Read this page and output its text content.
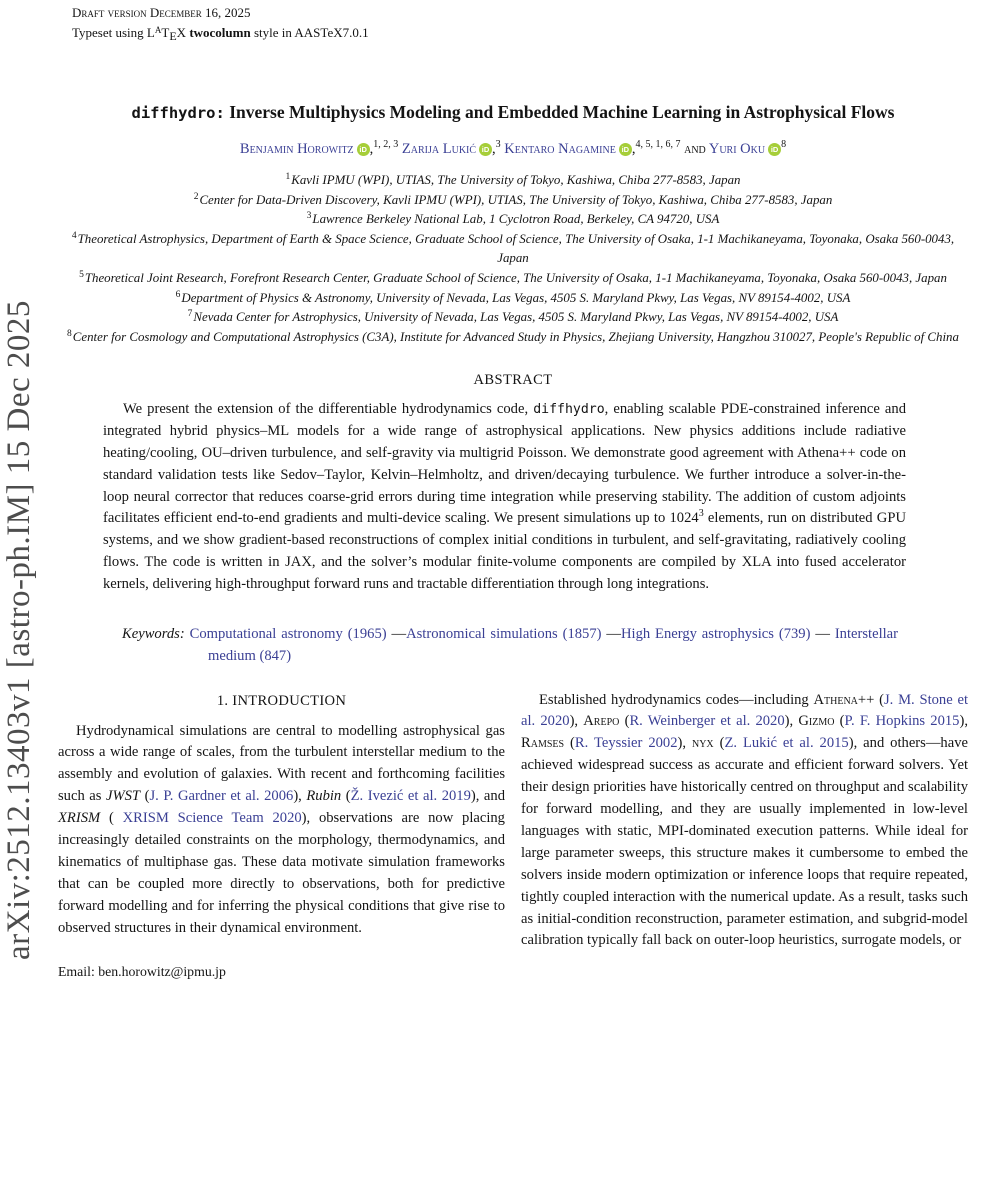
arXiv:2512.13403v1 [astro-ph.IM] 15 Dec 2025
Draft version December 16, 2025
Typeset using $L^ATEX$ twocolumn style in AASTeX7.0.1
diffhydro: Inverse Multiphysics Modeling and Embedded Machine Learning in Astrophysical Flows
Benjamin Horowitz iD ,$^{1, 2, 3}$ Zarija Lukić iD ,$^3$ Kentaro Nagamine iD ,$^{4, 5, 1, 6, 7}$ and Yuri Oku iD $^8$
$^1$Kavli IPMU (WPI), UTIAS, The University of Tokyo, Kashiwa, Chiba 277-8583, Japan
$^2$Center for Data-Driven Discovery, Kavli IPMU (WPI), UTIAS, The University of Tokyo, Kashiwa, Chiba 277-8583, Japan
$^3$Lawrence Berkeley National Lab, 1 Cyclotron Road, Berkeley, CA 94720, USA
$^4$Theoretical Astrophysics, Department of Earth & Space Science, Graduate School of Science, The University of Osaka, 1-1 Machikaneyama, Toyonaka, Osaka 560-0043, Japan
$^5$Theoretical Joint Research, Forefront Research Center, Graduate School of Science, The University of Osaka, 1-1 Machikaneyama, Toyonaka, Osaka 560-0043, Japan
$^6$Department of Physics & Astronomy, University of Nevada, Las Vegas, 4505 S. Maryland Pkwy, Las Vegas, NV 89154-4002, USA
$^7$Nevada Center for Astrophysics, University of Nevada, Las Vegas, 4505 S. Maryland Pkwy, Las Vegas, NV 89154-4002, USA
$^8$Center for Cosmology and Computational Astrophysics (C3A), Institute for Advanced Study in Physics, Zhejiang University, Hangzhou 310027, People's Republic of China
ABSTRACT
We present the extension of the differentiable hydrodynamics code, diffhydro, enabling scalable PDE-constrained inference and integrated hybrid physics–ML models for a wide range of astrophysical applications. New physics additions include radiative heating/cooling, OU–driven turbulence, and self-gravity via multigrid Poisson. We demonstrate good agreement with Athena++ code on standard validation tests like Sedov–Taylor, Kelvin–Helmholtz, and driven/decaying turbulence. We further introduce a solver-in-the-loop neural corrector that reduces coarse-grid errors during time integration while preserving stability. The addition of custom adjoints facilitates efficient end-to-end gradients and multi-device scaling. We present simulations up to 1024$^3$ elements, run on distributed GPU systems, and we show gradient-based reconstructions of complex initial conditions in turbulent, and self-gravitating, radiatively cooling flows. The code is written in JAX, and the solver’s modular finite-volume components are compiled by XLA into fused accelerator kernels, delivering high-throughput forward runs and tractable differentiation through long integrations.
Keywords: Computational astronomy (1965) —Astronomical simulations (1857) —High Energy astrophysics (739) — Interstellar medium (847)
1. INTRODUCTION

Hydrodynamical simulations are central to modelling astrophysical gas across a wide range of scales, from the turbulent interstellar medium to the assembly and evolution of galaxies. With recent and forthcoming facilities such as JWST (J. P. Gardner et al. 2006), Rubin (Ž. Ivezić et al. 2019), and XRISM ( XRISM Science Team 2020), observations are now placing increasingly detailed constraints on the morphology, thermodynamics, and kinematics of multiphase gas. These data motivate simulation frameworks that can be coupled more directly to observations, both for predictive forward modelling and for inferring the physical conditions that give rise to observed structures in their dynamical environment.

Email: ben.horowitz@ipmu.jp

Established hydrodynamics codes—including Athena++ (J. M. Stone et al. 2020), Arepo (R. Weinberger et al. 2020), Gizmo (P. F. Hopkins 2015), Ramses (R. Teyssier 2002), nyx (Z. Lukić et al. 2015), and others—have achieved widespread success as accurate and efficient forward solvers. Yet their design priorities have historically centred on throughput and scalability for forward modelling, and they are usually implemented in low-level languages with static, MPI-dominated execution patterns. While ideal for large parameter sweeps, this structure makes it cumbersome to embed the solvers inside modern optimization or inference loops that require repeated, tightly coupled interaction with the numerical update. As a result, tasks such as initial-condition reconstruction, parameter estimation, and subgrid-model calibration typically fall back on outer-loop heuristics, surrogate models, or
